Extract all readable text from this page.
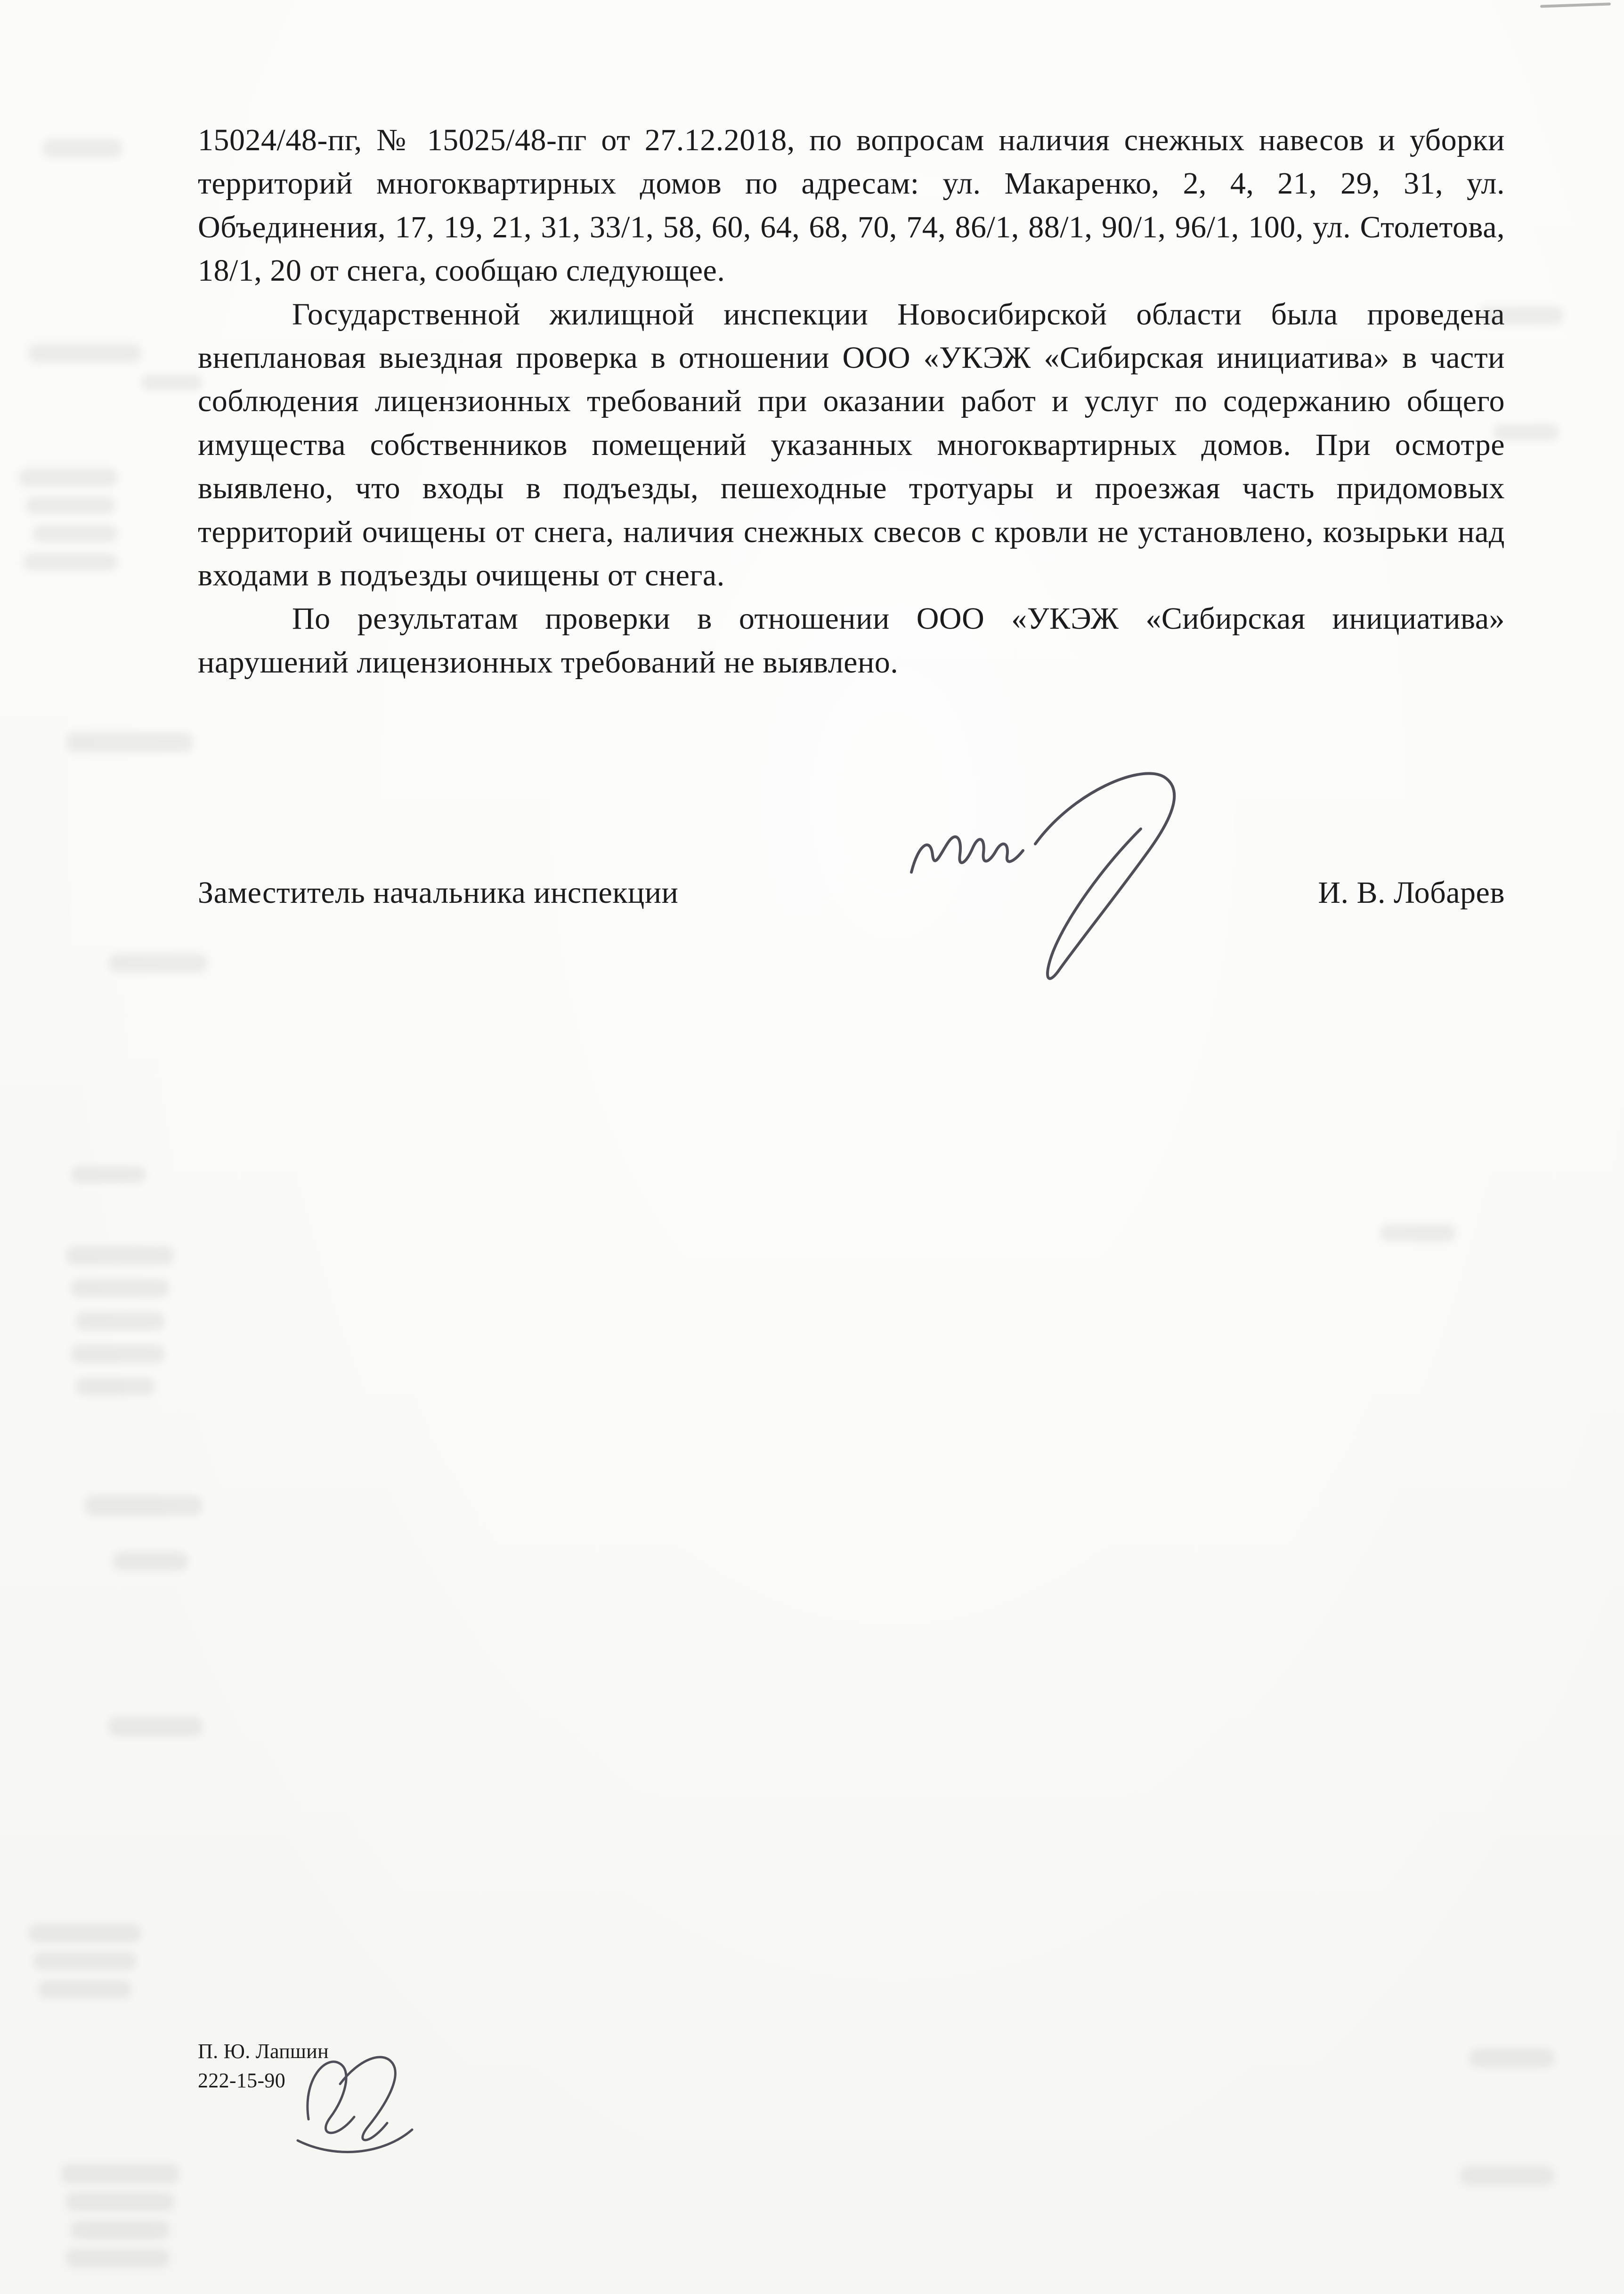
15024/48-пг, № 15025/48-пг от 27.12.2018, по вопросам наличия снежных навесов и уборки территорий многоквартирных домов по адресам: ул. Макаренко, 2, 4, 21, 29, 31, ул. Объединения, 17, 19, 21, 31, 33/1, 58, 60, 64, 68, 70, 74, 86/1, 88/1, 90/1, 96/1, 100, ул. Столетова, 18/1, 20 от снега, сообщаю следующее.

Государственной жилищной инспекции Новосибирской области была проведена внеплановая выездная проверка в отношении ООО «УКЭЖ «Сибирская инициатива» в части соблюдения лицензионных требований при оказании работ и услуг по содержанию общего имущества собственников помещений указанных многоквартирных домов. При осмотре выявлено, что входы в подъезды, пешеходные тротуары и проезжая часть придомовых территорий очищены от снега, наличия снежных свесов с кровли не установлено, козырьки над входами в подъезды очищены от снега.

По результатам проверки в отношении ООО «УКЭЖ «Сибирская инициатива» нарушений лицензионных требований не выявлено.

Заместитель начальника инспекции	И. В. Лобарев
П. Ю. Лапшин
222-15-90
